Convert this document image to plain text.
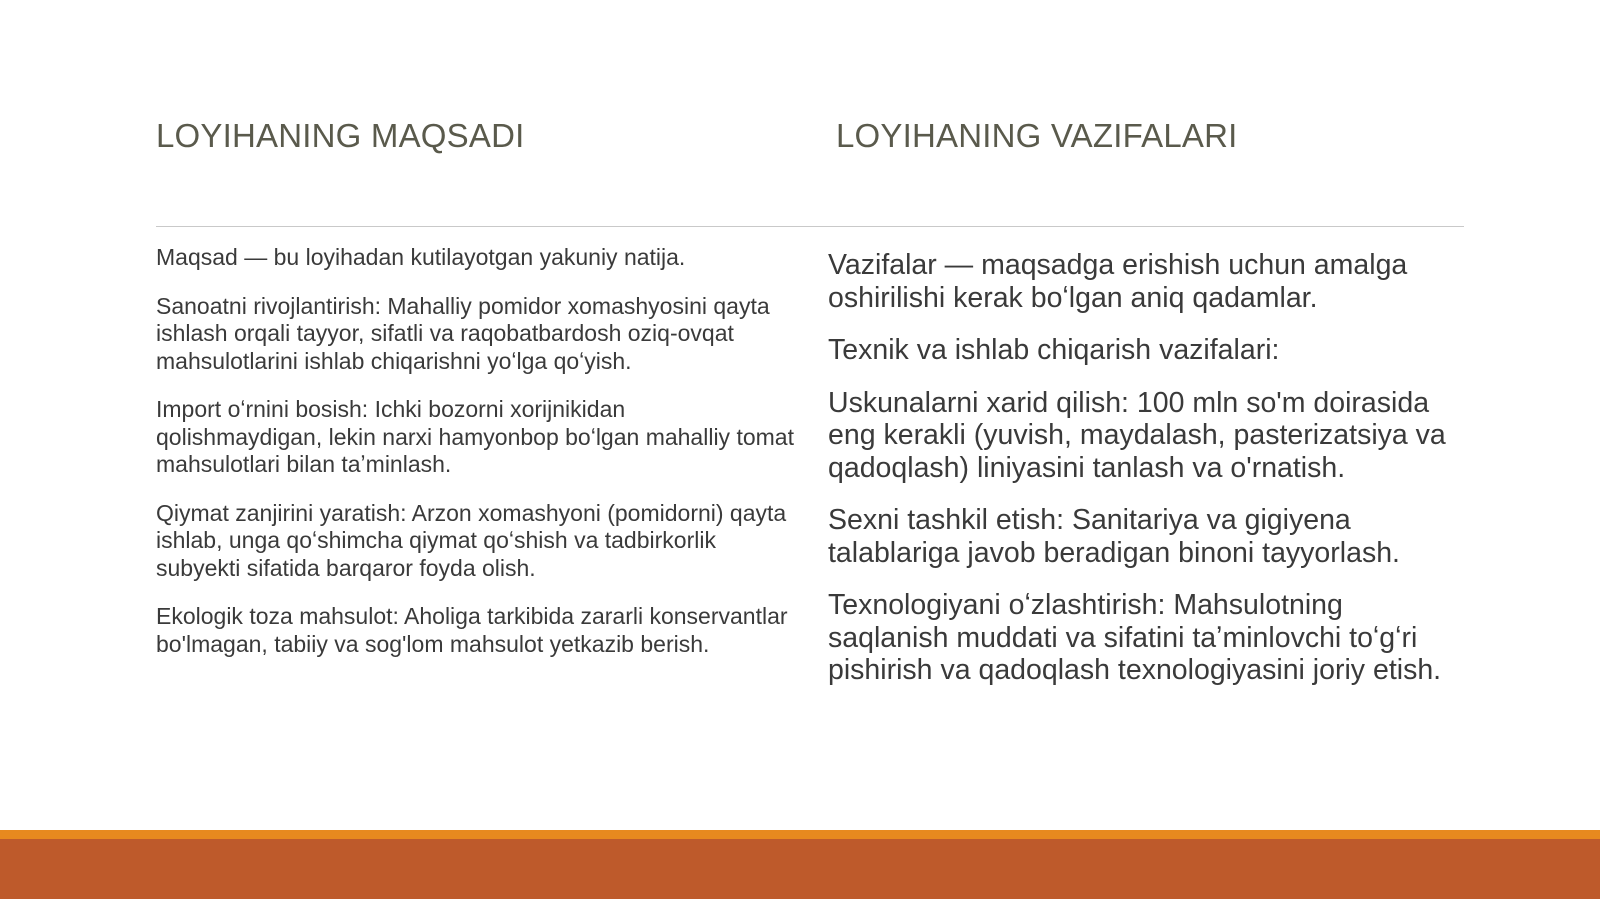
LOYIHANING MAQSADI	LOYIHANING VAZIFALARI

Maqsad — bu loyihadan kutilayotgan yakuniy natija.

Sanoatni rivojlantirish: Mahalliy pomidor xomashyosini qayta ishlash orqali tayyor, sifatli va raqobatbardosh oziq-ovqat mahsulotlarini ishlab chiqarishni yoʻlga qoʻyish.

Import oʻrnini bosish: Ichki bozorni xorijnikidan qolishmaydigan, lekin narxi hamyonbop boʻlgan mahalliy tomat mahsulotlari bilan taʼminlash.

Qiymat zanjirini yaratish: Arzon xomashyoni (pomidorni) qayta ishlab, unga qoʻshimcha qiymat qoʻshish va tadbirkorlik subyekti sifatida barqaror foyda olish.

Ekologik toza mahsulot: Aholiga tarkibida zararli konservantlar bo'lmagan, tabiiy va sog'lom mahsulot yetkazib berish.

Vazifalar — maqsadga erishish uchun amalga oshirilishi kerak boʻlgan aniq qadamlar.

Texnik va ishlab chiqarish vazifalari:

Uskunalarni xarid qilish: 100 mln so'm doirasida eng kerakli (yuvish, maydalash, pasterizatsiya va qadoqlash) liniyasini tanlash va o'rnatish.

Sexni tashkil etish: Sanitariya va gigiyena talablariga javob beradigan binoni tayyorlash.

Texnologiyani oʻzlashtirish: Mahsulotning saqlanish muddati va sifatini taʼminlovchi toʻgʻri pishirish va qadoqlash texnologiyasini joriy etish.
